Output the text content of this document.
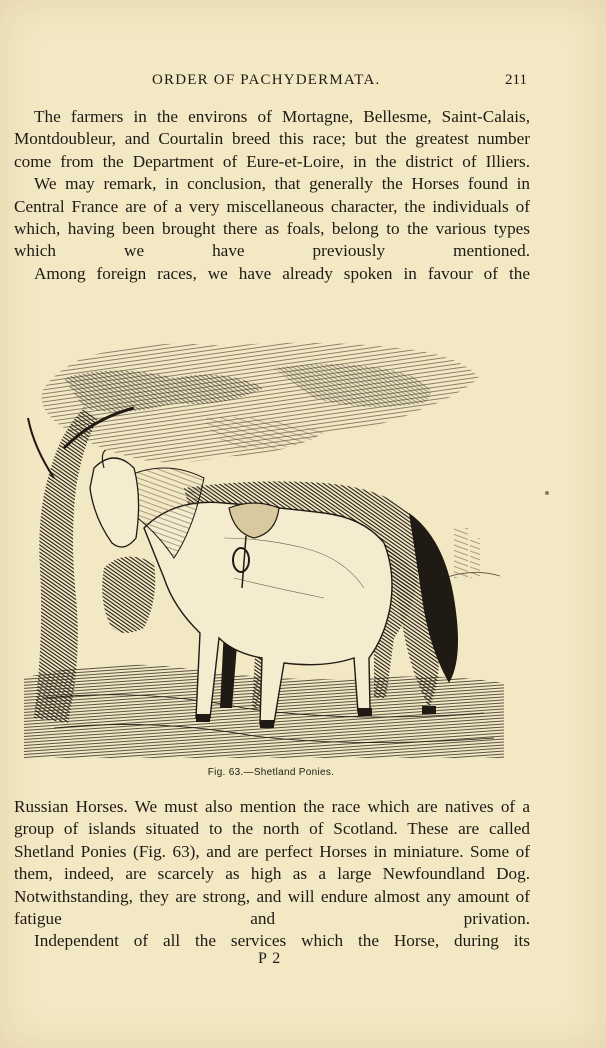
ORDER OF PACHYDERMATA.	211

The farmers in the environs of Mortagne, Bellesme, Saint-Calais, Montdoubleur, and Courtalin breed this race; but the greatest number come from the Department of Eure-et-Loire, in the district of Illiers.

We may remark, in conclusion, that generally the Horses found in Central France are of a very miscellaneous character, the individuals of which, having been brought there as foals, belong to the various types which we have previously mentioned.

Among foreign races, we have already spoken in favour of the

Fig. 63.—Shetland Ponies.

Russian Horses. We must also mention the race which are natives of a group of islands situated to the north of Scotland. These are called Shetland Ponies (Fig. 63), and are perfect Horses in miniature. Some of them, indeed, are scarcely as high as a large Newfoundland Dog. Notwithstanding, they are strong, and will endure almost any amount of fatigue and privation.

Independent of all the services which the Horse, during its

P 2
